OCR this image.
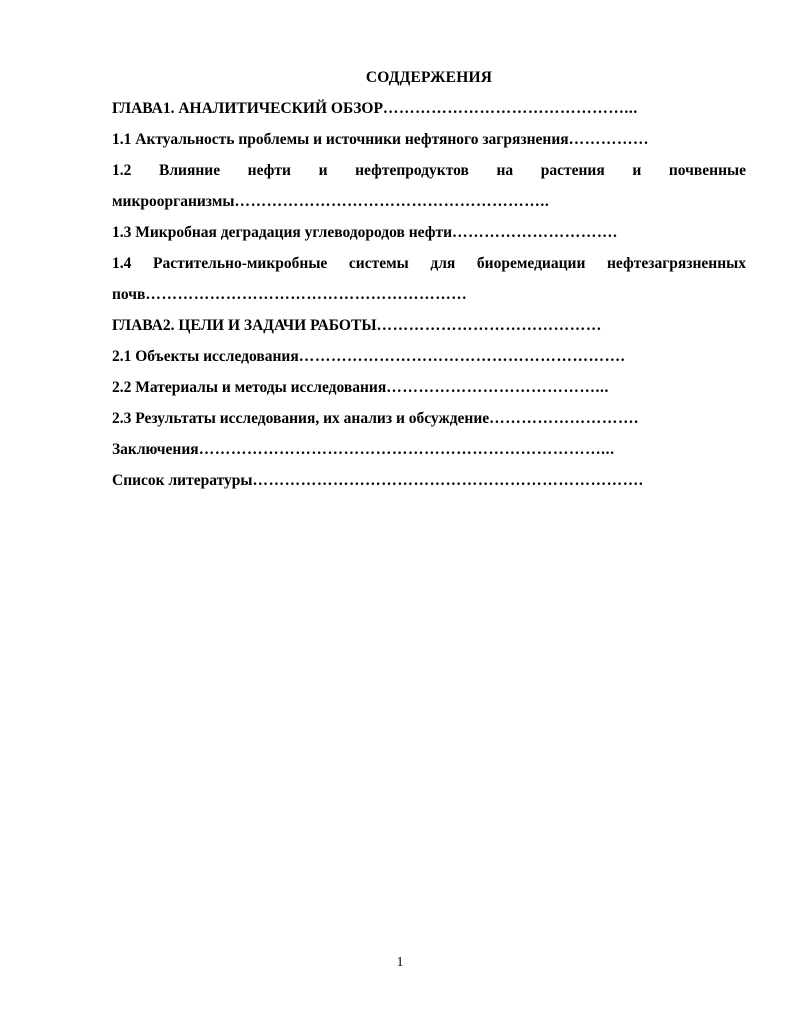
СОДДЕРЖЕНИЯ
ГЛАВА1. АНАЛИТИЧЕСКИЙ ОБЗОР………………………………………...
1.1 Актуальность проблемы и источники нефтяного загрязнения……………
1.2 Влияние нефти и нефтепродуктов на растения и почвенные микроорганизмы…………………………………………………..
1.3 Микробная деградация углеводородов нефти………………………….
1.4 Растительно-микробные системы для биоремедиации нефтезагрязненных почв……………………………………………………
ГЛАВА2. ЦЕЛИ И ЗАДАЧИ РАБОТЫ……………………………………
2.1 Объекты исследования…………………………………………………….
2.2 Материалы и методы исследования…………………………………...
2.3 Результаты исследования, их анализ и обсуждение……………………….
Заключения…………………………………………………………………...
Список литературы……………………………………………………………….
1
